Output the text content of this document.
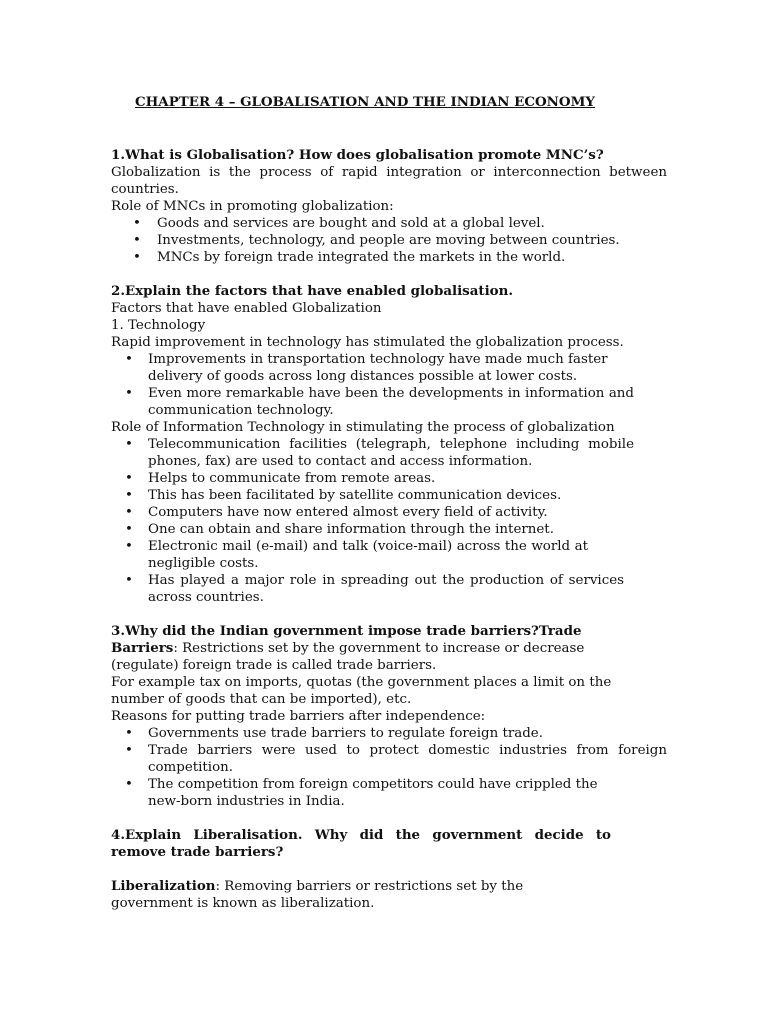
CHAPTER 4 – GLOBALISATION AND THE INDIAN ECONOMY

1.What is Globalisation? How does globalisation promote MNC’s?

Globalization is the process of rapid integration or interconnection between countries.

Role of MNCs in promoting globalization:

• Goods and services are bought and sold at a global level.
• Investments, technology, and people are moving between countries.
• MNCs by foreign trade integrated the markets in the world.

2.Explain the factors that have enabled globalisation.

Factors that have enabled Globalization

1. Technology

Rapid improvement in technology has stimulated the globalization process.

• Improvements in transportation technology have made much faster delivery of goods across long distances possible at lower costs.
• Even more remarkable have been the developments in information and communication technology.

Role of Information Technology in stimulating the process of globalization

• Telecommunication facilities (telegraph, telephone including mobile phones, fax) are used to contact and access information.
• Helps to communicate from remote areas.
• This has been facilitated by satellite communication devices.
• Computers have now entered almost every field of activity.
• One can obtain and share information through the internet.
• Electronic mail (e-mail) and talk (voice-mail) across the world at negligible costs.
• Has played a major role in spreading out the production of services across countries.

3.Why did the Indian government impose trade barriers?Trade

Barriers: Restrictions set by the government to increase or decrease (regulate) foreign trade is called trade barriers.

For example tax on imports, quotas (the government places a limit on the number of goods that can be imported), etc.

Reasons for putting trade barriers after independence:

• Governments use trade barriers to regulate foreign trade.
• Trade barriers were used to protect domestic industries from foreign competition.
• The competition from foreign competitors could have crippled the new-born industries in India.

4.Explain Liberalisation. Why did the government decide to remove trade barriers?

Liberalization: Removing barriers or restrictions set by the government is known as liberalization.
